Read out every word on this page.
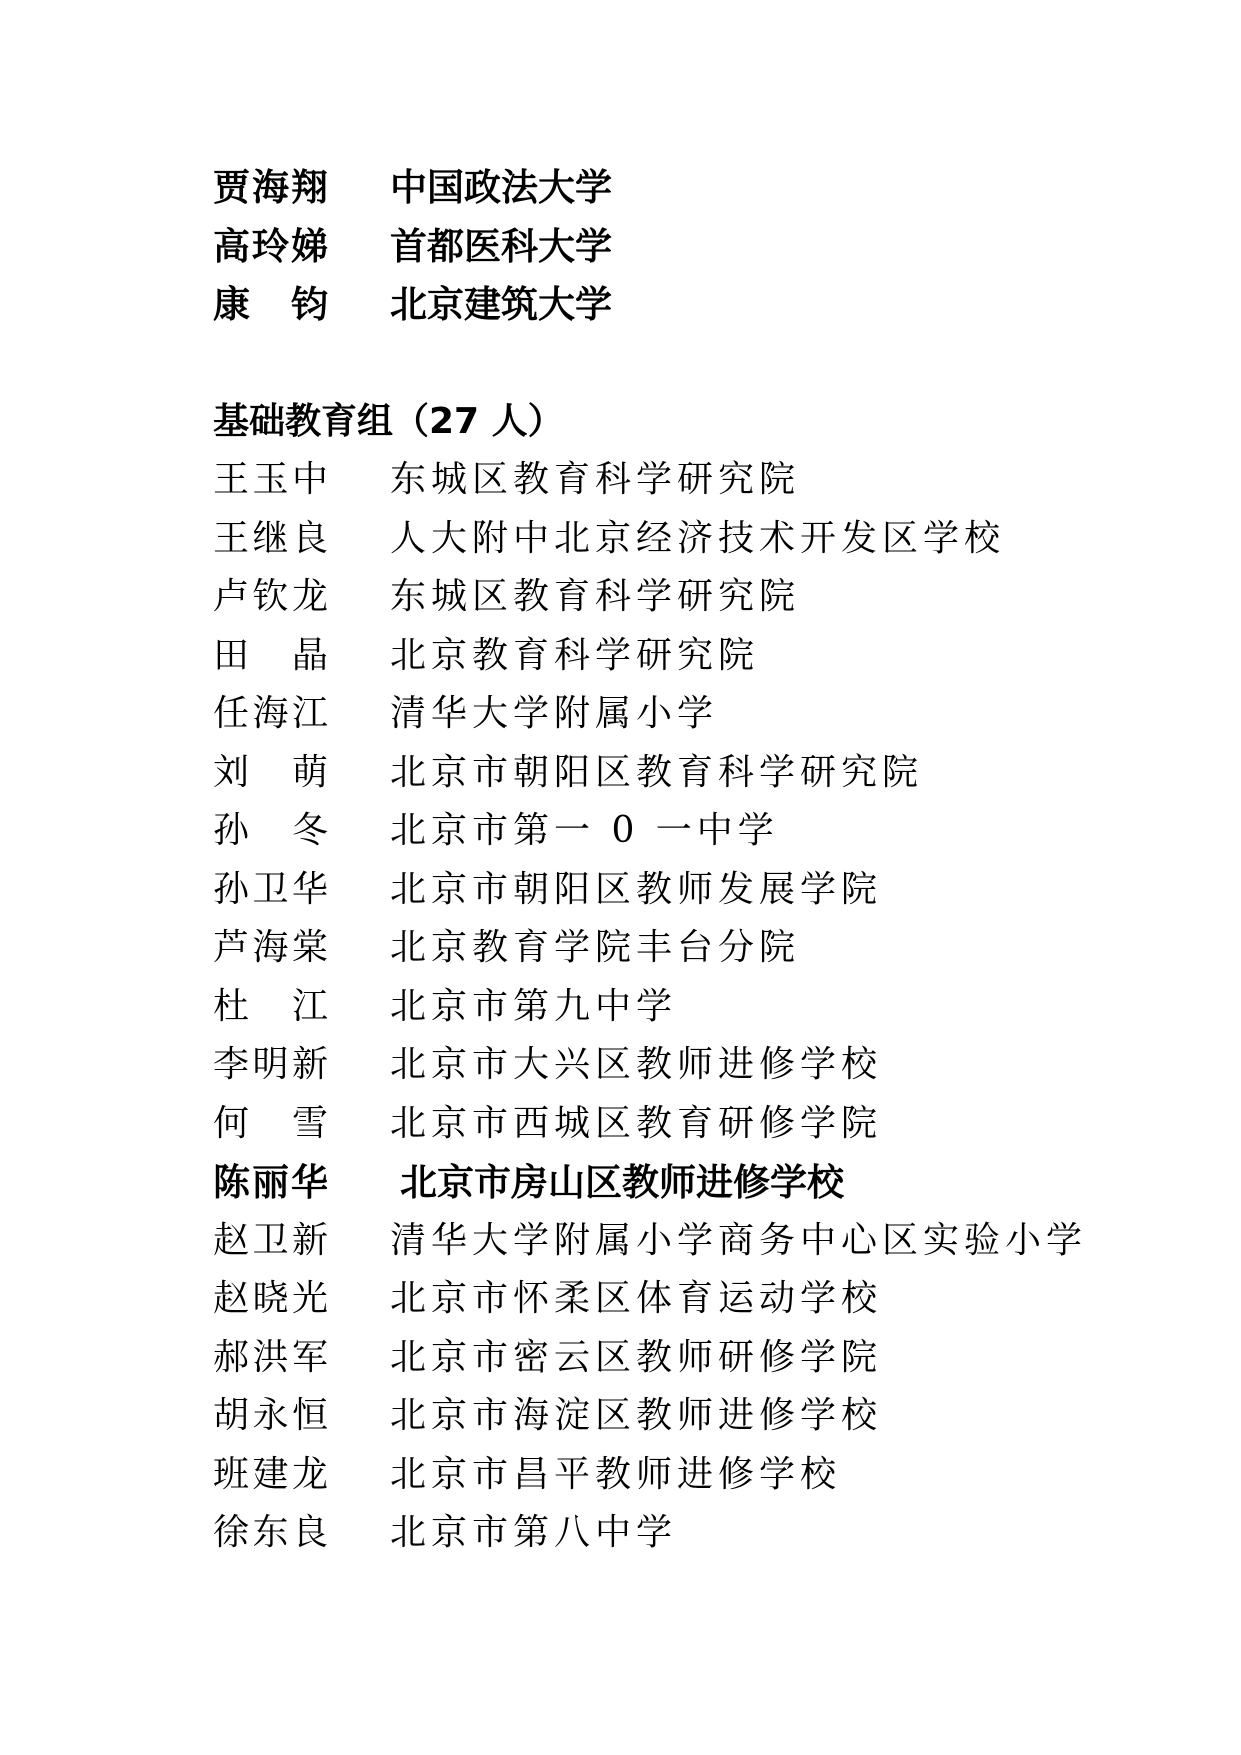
贾 海 翔 中国政法大学
高 玲 娣 首都医科大学
康 钧 北京建筑大学
基础教育组（27 人）
王 玉 中 东城区教育科学研究院
王 继 良 人大附中北京经济技术开发区学校
卢 钦 龙 东城区教育科学研究院
田 晶 北京教育科学研究院
任 海 江 清华大学附属小学
刘 萌 北京市朝阳区教育科学研究院
孙 冬 北京市第一 0 一中学
孙 卫 华 北京市朝阳区教师发展学院
芦 海 棠 北京教育学院丰台分院
杜 江 北京市第九中学
李 明 新 北京市大兴区教师进修学校
何 雪 北京市西城区教育研修学院
陈 丽 华 北京市房山区教师进修学校
赵 卫 新 清华大学附属小学商务中心区实验小学
赵 晓 光 北京市怀柔区体育运动学校
郝 洪 军 北京市密云区教师研修学院
胡 永 恒 北京市海淀区教师进修学校
班 建 龙 北京市昌平教师进修学校
徐 东 良 北京市第八中学
